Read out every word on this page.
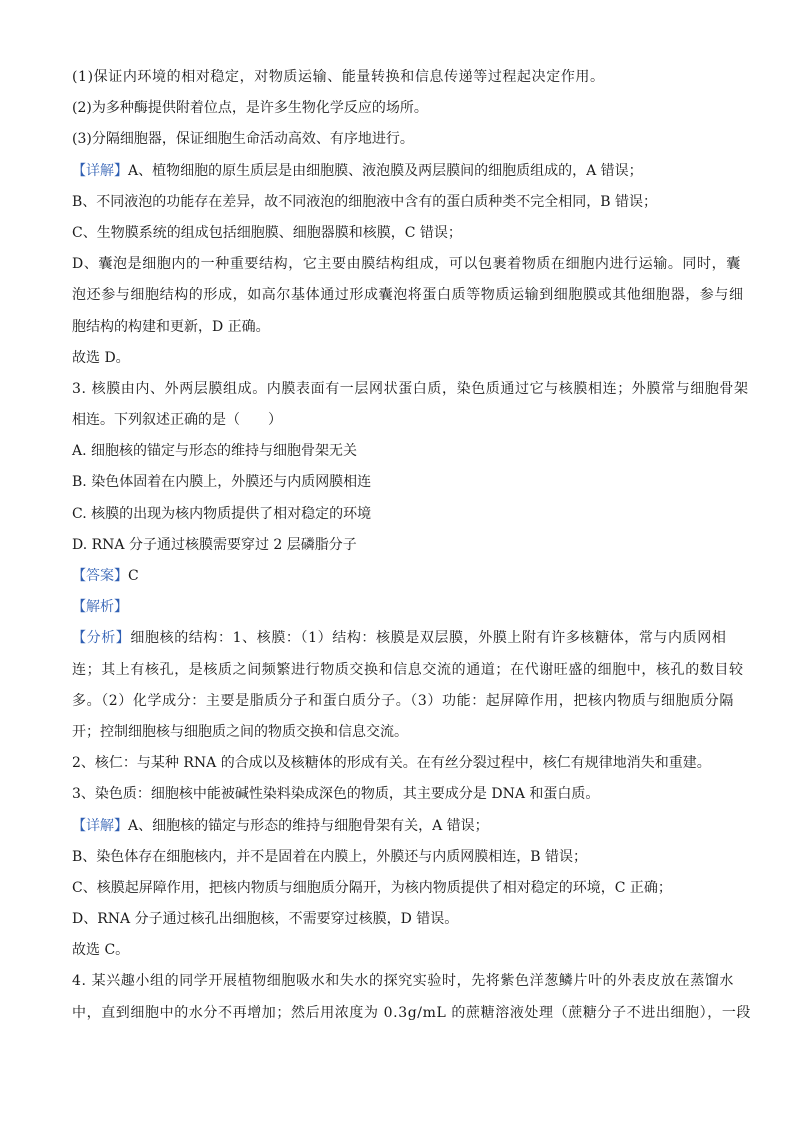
(1)保证内环境的相对稳定，对物质运输、能量转换和信息传递等过程起决定作用。
(2)为多种酶提供附着位点，是许多生物化学反应的场所。
(3)分隔细胞器，保证细胞生命活动高效、有序地进行。
【详解】A、植物细胞的原生质层是由细胞膜、液泡膜及两层膜间的细胞质组成的，A 错误；
B、不同液泡的功能存在差异，故不同液泡的细胞液中含有的蛋白质种类不完全相同，B 错误；
C、生物膜系统的组成包括细胞膜、细胞器膜和核膜，C 错误；
D、囊泡是细胞内的一种重要结构，它主要由膜结构组成，可以包裹着物质在细胞内进行运输。同时，囊
泡还参与细胞结构的形成，如高尔基体通过形成囊泡将蛋白质等物质运输到细胞膜或其他细胞器，参与细
胞结构的构建和更新，D 正确。
故选 D。
3. 核膜由内、外两层膜组成。内膜表面有一层网状蛋白质，染色质通过它与核膜相连；外膜常与细胞骨架
相连。下列叙述正确的是（　　）
A. 细胞核的锚定与形态的维持与细胞骨架无关
B. 染色体固着在内膜上，外膜还与内质网膜相连
C. 核膜的出现为核内物质提供了相对稳定的环境
D. RNA 分子通过核膜需要穿过 2 层磷脂分子
【答案】C
【解析】
【分析】细胞核的结构：1、核膜：（1）结构：核膜是双层膜，外膜上附有许多核糖体，常与内质网相
连；其上有核孔，是核质之间频繁进行物质交换和信息交流的通道；在代谢旺盛的细胞中，核孔的数目较
多。（2）化学成分：主要是脂质分子和蛋白质分子。（3）功能：起屏障作用，把核内物质与细胞质分隔
开；控制细胞核与细胞质之间的物质交换和信息交流。
2、核仁：与某种 RNA 的合成以及核糖体的形成有关。在有丝分裂过程中，核仁有规律地消失和重建。
3、染色质：细胞核中能被碱性染料染成深色的物质，其主要成分是 DNA 和蛋白质。
【详解】A、细胞核的锚定与形态的维持与细胞骨架有关，A 错误；
B、染色体存在细胞核内，并不是固着在内膜上，外膜还与内质网膜相连，B 错误；
C、核膜起屏障作用，把核内物质与细胞质分隔开，为核内物质提供了相对稳定的环境，C 正确；
D、RNA 分子通过核孔出细胞核，不需要穿过核膜，D 错误。
故选 C。
4. 某兴趣小组的同学开展植物细胞吸水和失水的探究实验时，先将紫色洋葱鳞片叶的外表皮放在蒸馏水
中，直到细胞中的水分不再增加；然后用浓度为 0.3g/mL 的蔗糖溶液处理（蔗糖分子不进出细胞），一段
